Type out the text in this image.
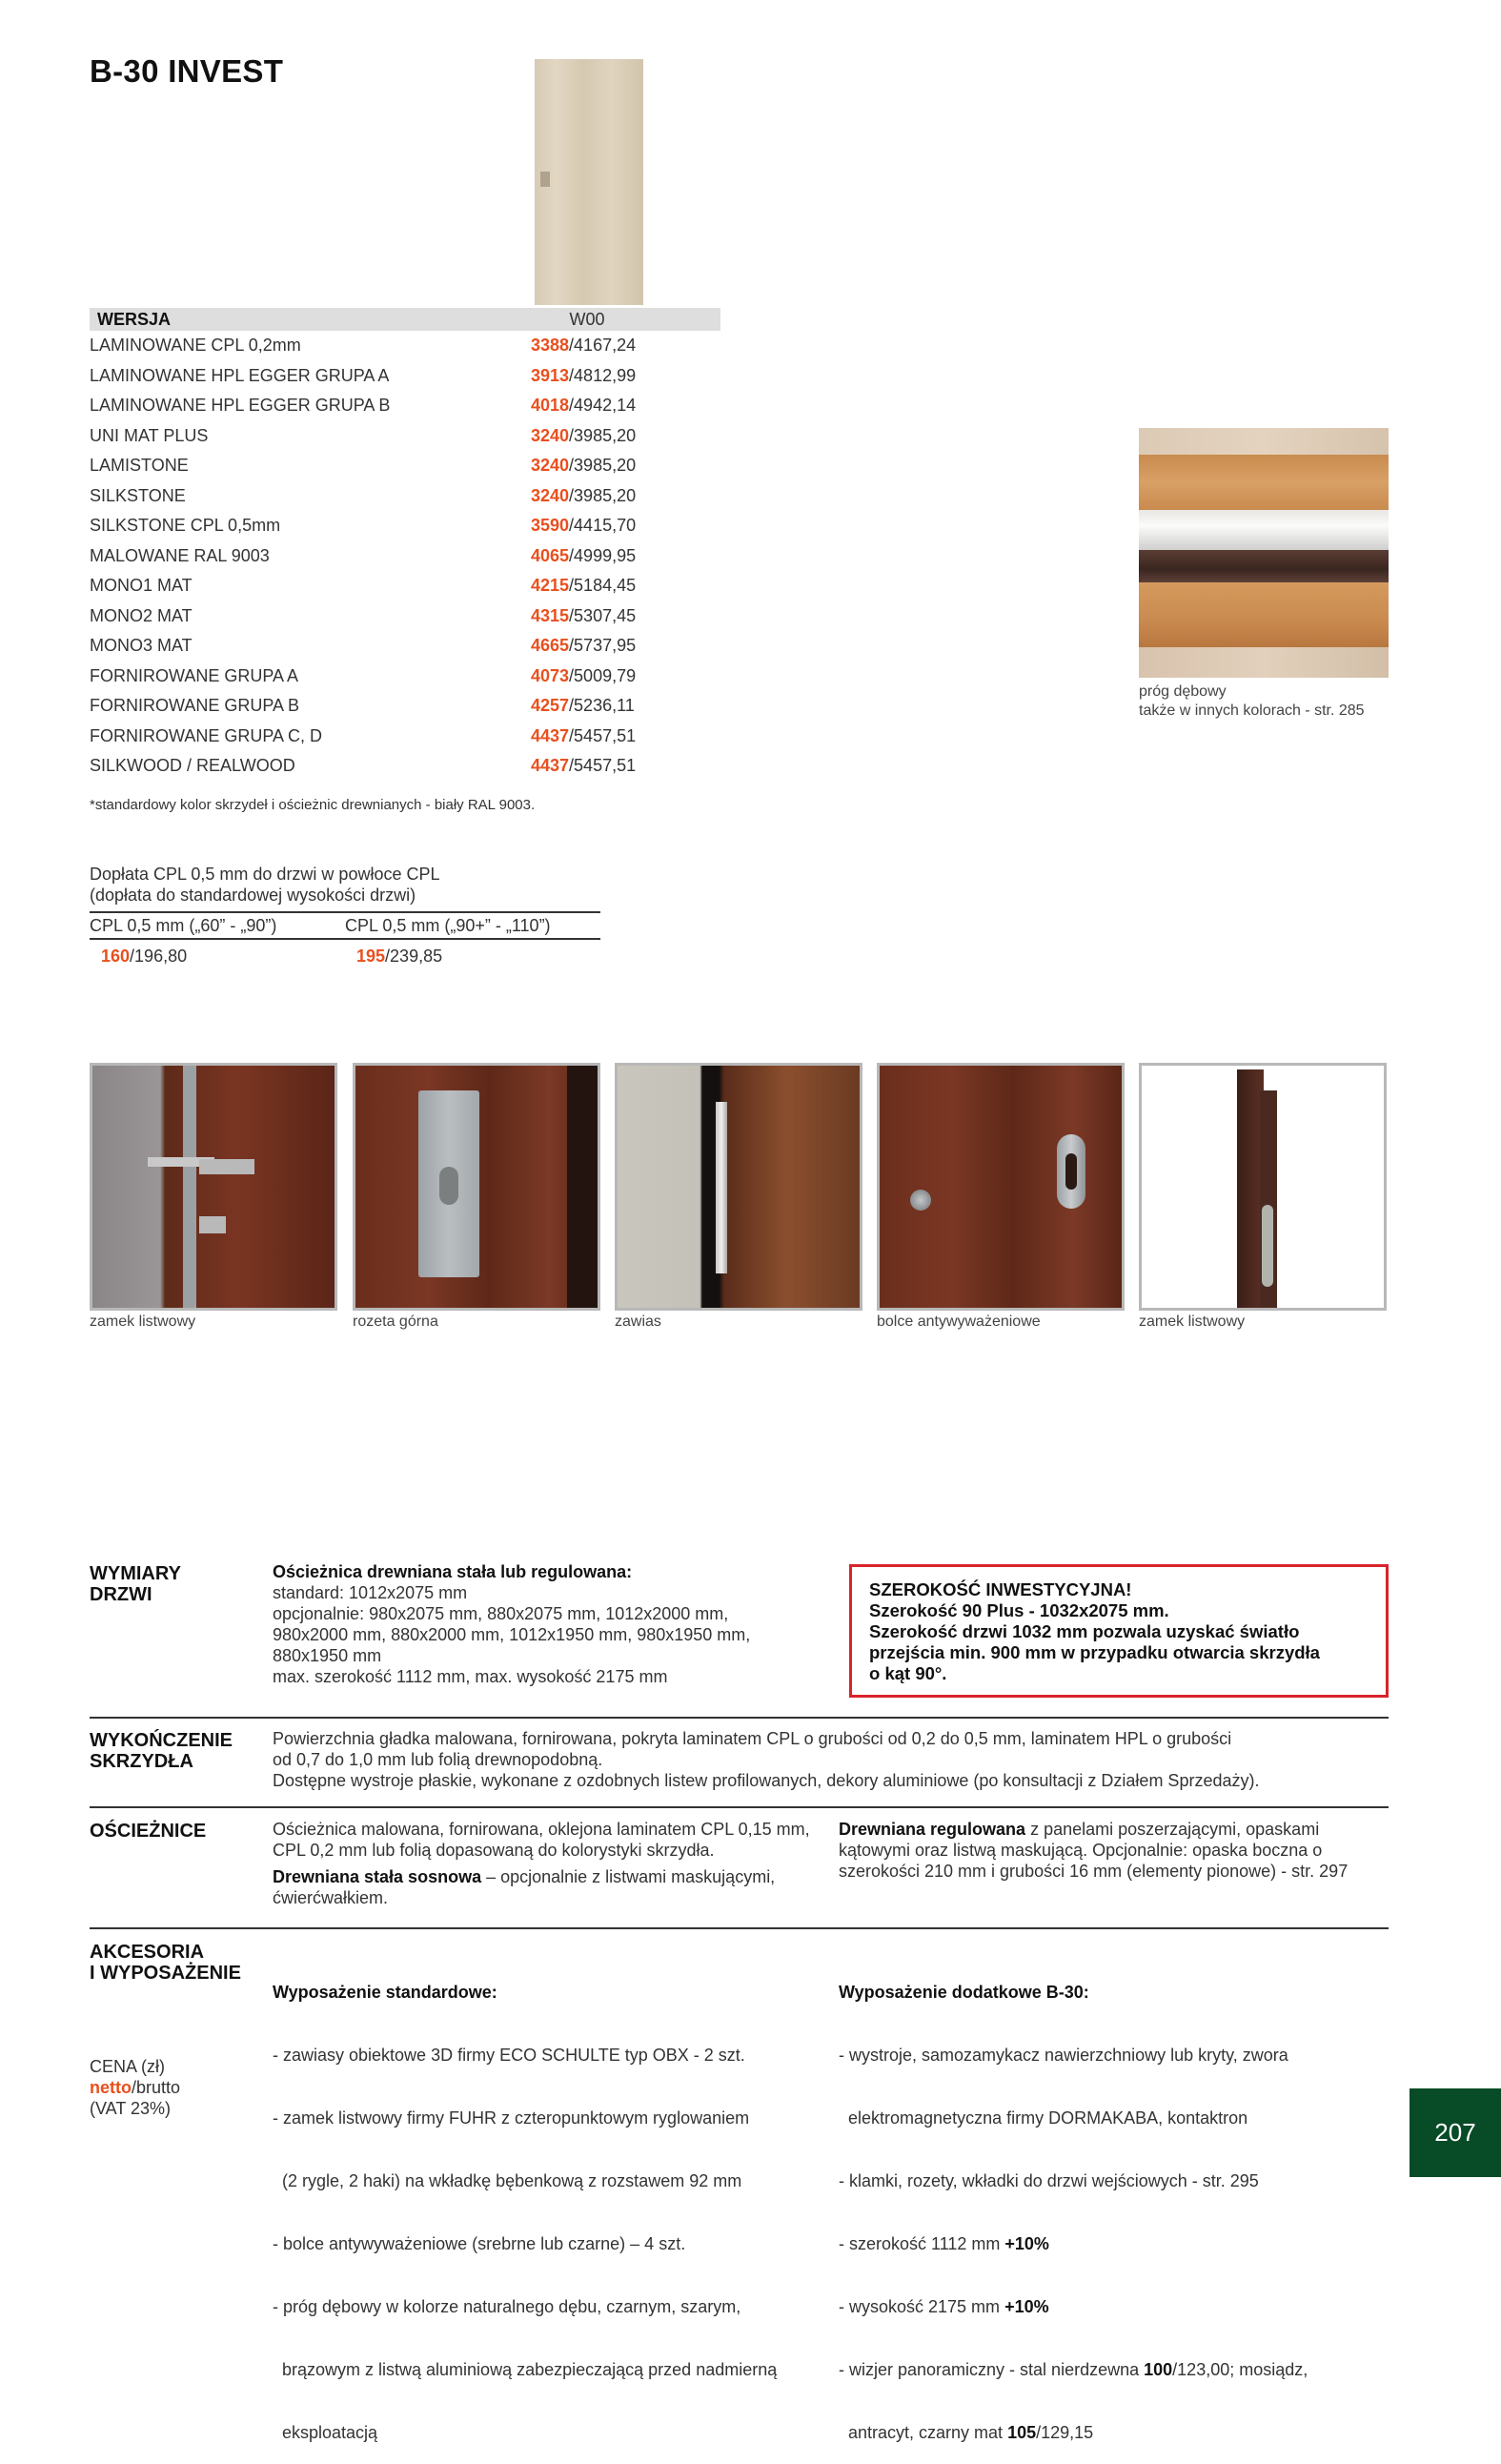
B-30 INVEST
WERSJA	W00
LAMINOWANE CPL 0,2mm	3388/4167,24
LAMINOWANE HPL EGGER GRUPA A	3913/4812,99
LAMINOWANE HPL EGGER GRUPA B	4018/4942,14
UNI MAT PLUS	3240/3985,20
LAMISTONE	3240/3985,20
SILKSTONE	3240/3985,20
SILKSTONE CPL 0,5mm	3590/4415,70
MALOWANE RAL 9003	4065/4999,95
MONO1 MAT	4215/5184,45
MONO2 MAT	4315/5307,45
MONO3 MAT	4665/5737,95
FORNIROWANE GRUPA A	4073/5009,79
FORNIROWANE GRUPA B	4257/5236,11
FORNIROWANE GRUPA C, D	4437/5457,51
SILKWOOD / REALWOOD	4437/5457,51
*standardowy kolor skrzydeł i ościeżnic drewnianych - biały RAL 9003.
Dopłata CPL 0,5 mm do drzwi w powłoce CPL
(dopłata do standardowej wysokości drzwi)
CPL 0,5 mm („60” - „90”)	CPL 0,5 mm („90+” - „110”)
160/196,80	195/239,85
próg dębowy
także w innych kolorach - str. 285
zamek listwowy	rozeta górna	zawias	bolce antywyważeniowe	zamek listwowy
WYMIARY
DRZWI
Ościeżnica drewniana stała lub regulowana:
standard: 1012x2075 mm
opcjonalnie: 980x2075 mm, 880x2075 mm, 1012x2000 mm,
980x2000 mm, 880x2000 mm, 1012x1950 mm, 980x1950 mm,
880x1950 mm
max. szerokość 1112 mm, max. wysokość 2175 mm
SZEROKOŚĆ INWESTYCYJNA!
Szerokość 90 Plus - 1032x2075 mm.
Szerokość drzwi 1032 mm pozwala uzyskać światło
przejścia min. 900 mm w przypadku otwarcia skrzydła
o kąt 90°.
WYKOŃCZENIE
SKRZYDŁA
Powierzchnia gładka malowana, fornirowana, pokryta laminatem CPL o grubości od 0,2 do 0,5 mm, laminatem HPL o grubości
od 0,7 do 1,0 mm lub folią drewnopodobną.
Dostępne wystroje płaskie, wykonane z ozdobnych listew profilowanych, dekory aluminiowe (po konsultacji z Działem Sprzedaży).
OŚCIEŻNICE	Ościeżnica malowana, fornirowana, oklejona laminatem CPL 0,15 mm, CPL 0,2 mm lub folią dopasowaną do kolorystyki skrzydła.
Drewniana stała sosnowa – opcjonalnie z listwami maskującymi, ćwierćwałkiem.
Drewniana regulowana z panelami poszerzającymi, opaskami kątowymi oraz listwą maskującą. Opcjonalnie: opaska boczna o szerokości 210 mm i grubości 16 mm (elementy pionowe) - str. 297
AKCESORIA
I WYPOSAŻENIE

Wyposażenie standardowe:

- zawiasy obiektowe 3D firmy ECO SCHULTE typ OBX - 2 szt.

- zamek listwowy firmy FUHR z czteropunktowym ryglowaniem

(2 rygle, 2 haki) na wkładkę bębenkową z rozstawem 92 mm

- bolce antywyważeniowe (srebrne lub czarne) – 4 szt.

- próg dębowy w kolorze naturalnego dębu, czarnym, szarym,

brązowym z listwą aluminiową zabezpieczającą przed nadmierną

eksploatacją

Wyposażenie dodatkowe B-30:

- wystroje, samozamykacz nawierzchniowy lub kryty, zwora

elektromagnetyczna firmy DORMAKABA, kontaktron

- klamki, rozety, wkładki do drzwi wejściowych - str. 295

- szerokość 1112 mm +10%

- wysokość 2175 mm +10%

- wizjer panoramiczny - stal nierdzewna 100/123,00; mosiądz,

antracyt, czarny mat 105/129,15

CENA (zł)
netto/brutto
(VAT 23%)
207
